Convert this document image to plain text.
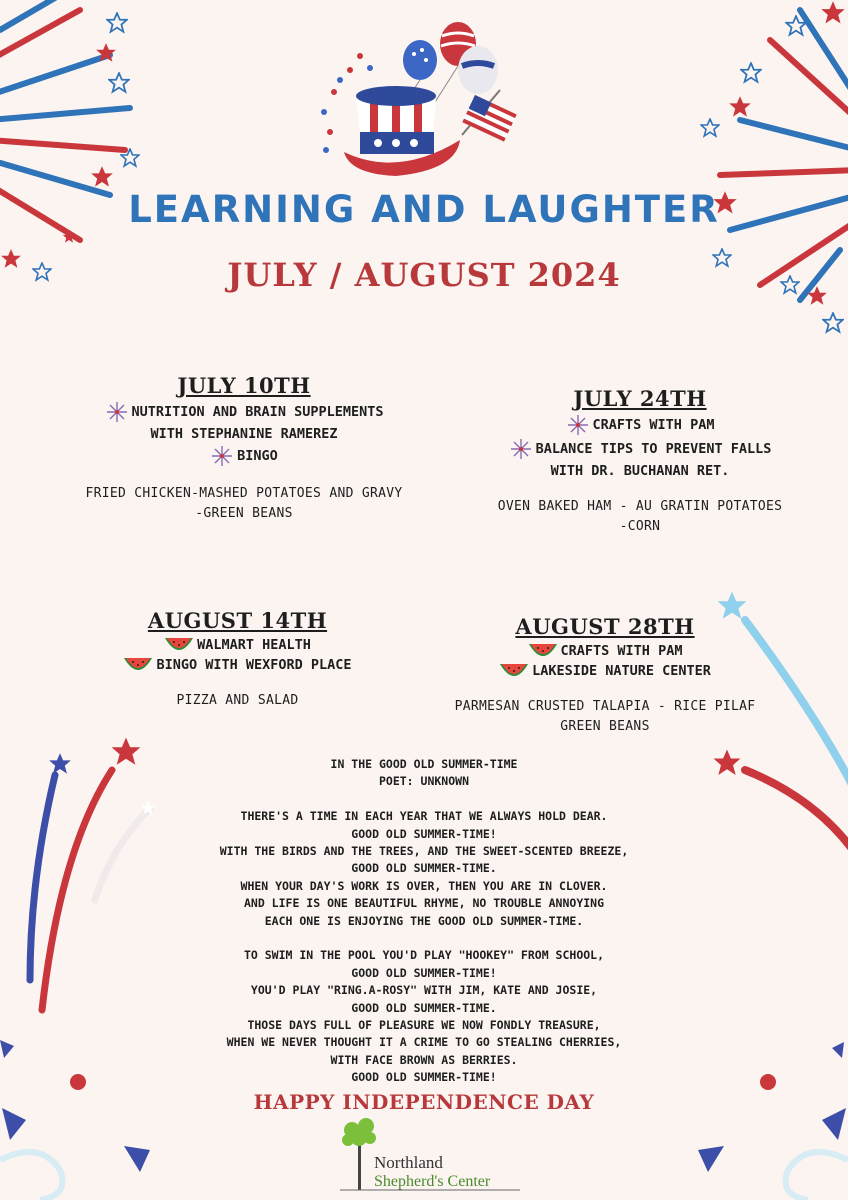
LEARNING AND LAUGHTER
JULY / AUGUST 2024
JULY 10TH
NUTRITION AND BRAIN SUPPLEMENTS
WITH STEPHANINE RAMEREZ
BINGO
FRIED CHICKEN-MASHED POTATOES AND GRAVY
-GREEN BEANS
JULY 24TH
CRAFTS WITH PAM
BALANCE TIPS TO PREVENT FALLS
WITH DR. BUCHANAN RET.
OVEN BAKED HAM - AU GRATIN POTATOES
-CORN
AUGUST 14TH
WALMART HEALTH
BINGO WITH WEXFORD PLACE
PIZZA AND SALAD
AUGUST 28TH
CRAFTS WITH PAM
LAKESIDE NATURE CENTER
PARMESAN CRUSTED TALAPIA - RICE PILAF
GREEN BEANS
IN THE GOOD OLD SUMMER-TIME
POET: UNKNOWN
THERE'S A TIME IN EACH YEAR THAT WE ALWAYS HOLD DEAR.
GOOD OLD SUMMER-TIME!
WITH THE BIRDS AND THE TREES, AND THE SWEET-SCENTED BREEZE,
GOOD OLD SUMMER-TIME.
WHEN YOUR DAY'S WORK IS OVER, THEN YOU ARE IN CLOVER.
AND LIFE IS ONE BEAUTIFUL RHYME, NO TROUBLE ANNOYING
EACH ONE IS ENJOYING THE GOOD OLD SUMMER-TIME.
TO SWIM IN THE POOL YOU'D PLAY "HOOKEY" FROM SCHOOL,
GOOD OLD SUMMER-TIME!
YOU'D PLAY "RING.A-ROSY" WITH JIM, KATE AND JOSIE,
GOOD OLD SUMMER-TIME.
THOSE DAYS FULL OF PLEASURE WE NOW FONDLY TREASURE,
WHEN WE NEVER THOUGHT IT A CRIME TO GO STEALING CHERRIES,
WITH FACE BROWN AS BERRIES.
GOOD OLD SUMMER-TIME!
HAPPY INDEPENDENCE DAY
Northland
Shepherd's Center
